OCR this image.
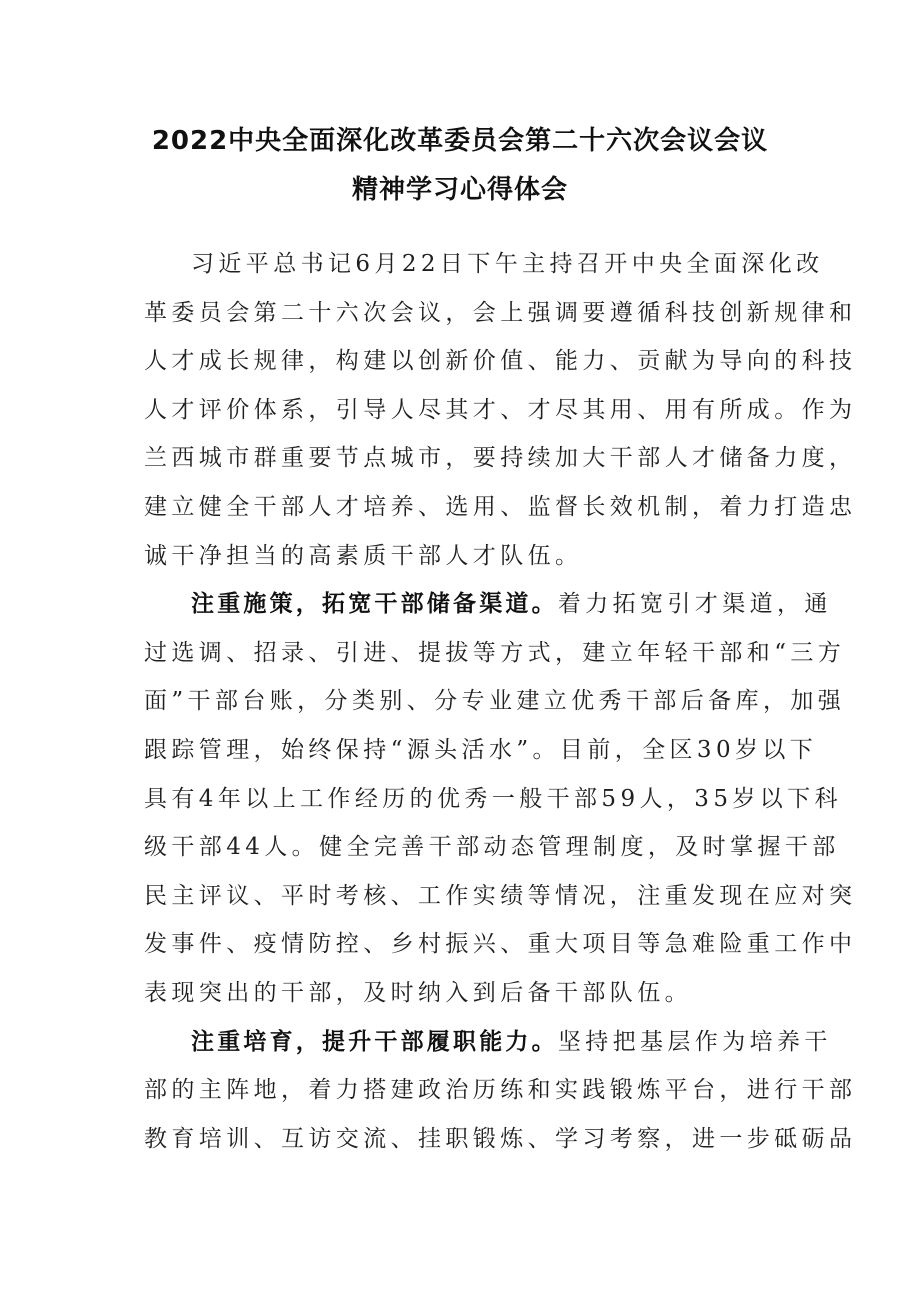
2022中央全面深化改革委员会第二十六次会议会议
精神学习心得体会
习近平总书记6月22日下午主持召开中央全面深化改
革委员会第二十六次会议，会上强调要遵循科技创新规律和
人才成长规律，构建以创新价值、能力、贡献为导向的科技
人才评价体系，引导人尽其才、才尽其用、用有所成。作为
兰西城市群重要节点城市，要持续加大干部人才储备力度，
建立健全干部人才培养、选用、监督长效机制，着力打造忠
诚干净担当的高素质干部人才队伍。
注重施策，拓宽干部储备渠道。着力拓宽引才渠道，通
过选调、招录、引进、提拔等方式，建立年轻干部和“三方
面”干部台账，分类别、分专业建立优秀干部后备库，加强
跟踪管理，始终保持“源头活水”。目前，全区30岁以下
具有4年以上工作经历的优秀一般干部59人，35岁以下科
级干部44人。健全完善干部动态管理制度，及时掌握干部
民主评议、平时考核、工作实绩等情况，注重发现在应对突
发事件、疫情防控、乡村振兴、重大项目等急难险重工作中
表现突出的干部，及时纳入到后备干部队伍。
注重培育，提升干部履职能力。坚持把基层作为培养干
部的主阵地，着力搭建政治历练和实践锻炼平台，进行干部
教育培训、互访交流、挂职锻炼、学习考察，进一步砥砺品
